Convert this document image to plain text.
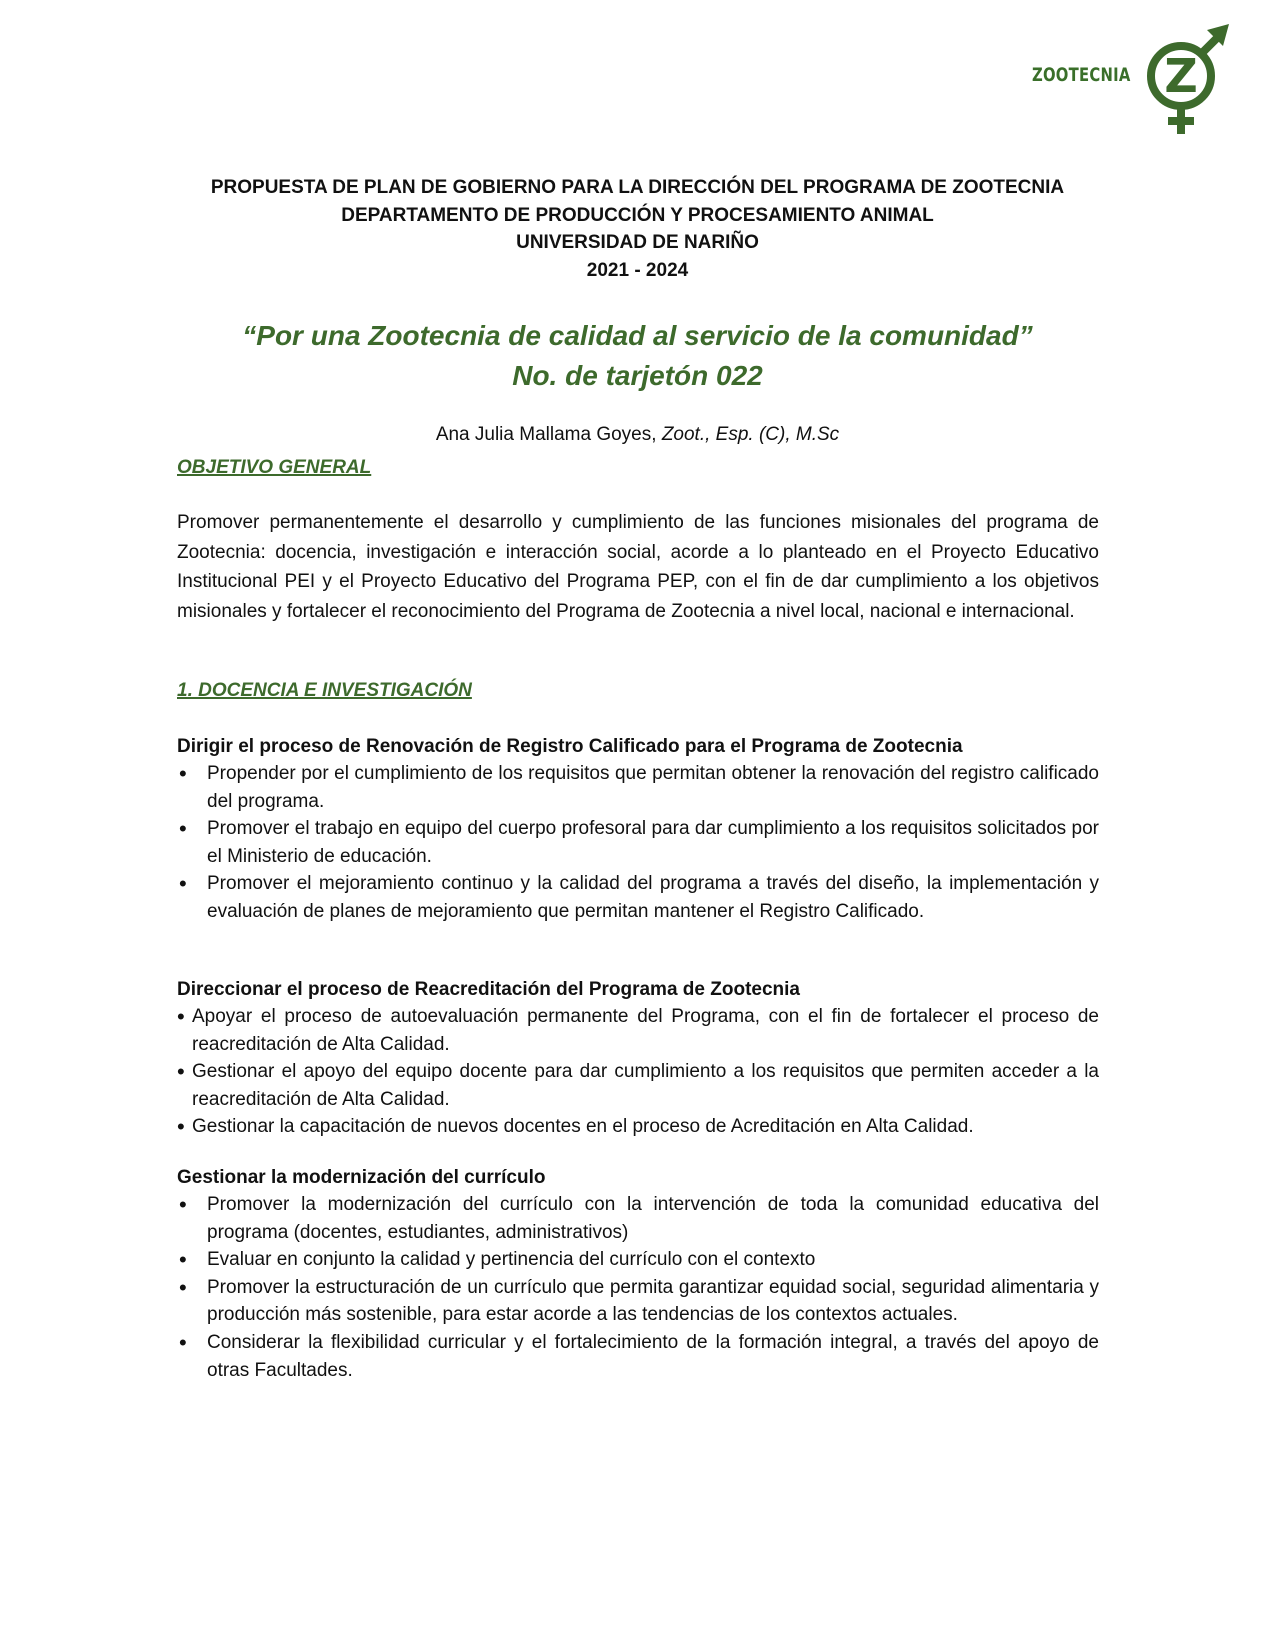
ZOOTECNIA Z
PROPUESTA DE PLAN DE GOBIERNO PARA LA DIRECCIÓN DEL PROGRAMA DE ZOOTECNIA
DEPARTAMENTO DE PRODUCCIÓN Y PROCESAMIENTO ANIMAL
UNIVERSIDAD DE NARIÑO
2021 - 2024
“Por una Zootecnia de calidad al servicio de la comunidad”
No. de tarjetón 022
Ana Julia Mallama Goyes, Zoot., Esp. (C), M.Sc
OBJETIVO GENERAL
Promover permanentemente el desarrollo y cumplimiento de las funciones misionales del programa de Zootecnia: docencia, investigación e interacción social, acorde a lo planteado en el Proyecto Educativo Institucional PEI y el Proyecto Educativo del Programa PEP, con el fin de dar cumplimiento a los objetivos misionales y fortalecer el reconocimiento del Programa de Zootecnia a nivel local, nacional e internacional.
1. DOCENCIA E INVESTIGACIÓN
Dirigir el proceso de Renovación de Registro Calificado para el Programa de Zootecnia
• Propender por el cumplimiento de los requisitos que permitan obtener la renovación del registro calificado del programa.
• Promover el trabajo en equipo del cuerpo profesoral para dar cumplimiento a los requisitos solicitados por el Ministerio de educación.
• Promover el mejoramiento continuo y la calidad del programa a través del diseño, la implementación y evaluación de planes de mejoramiento que permitan mantener el Registro Calificado.
Direccionar el proceso de Reacreditación del Programa de Zootecnia
• Apoyar el proceso de autoevaluación permanente del Programa, con el fin de fortalecer el proceso de reacreditación de Alta Calidad.
• Gestionar el apoyo del equipo docente para dar cumplimiento a los requisitos que permiten acceder a la reacreditación de Alta Calidad.
• Gestionar la capacitación de nuevos docentes en el proceso de Acreditación en Alta Calidad.
Gestionar la modernización del currículo
• Promover la modernización del currículo con la intervención de toda la comunidad educativa del programa (docentes, estudiantes, administrativos)
• Evaluar en conjunto la calidad y pertinencia del currículo con el contexto
• Promover la estructuración de un currículo que permita garantizar equidad social, seguridad alimentaria y producción más sostenible, para estar acorde a las tendencias de los contextos actuales.
• Considerar la flexibilidad curricular y el fortalecimiento de la formación integral, a través del apoyo de otras Facultades.
